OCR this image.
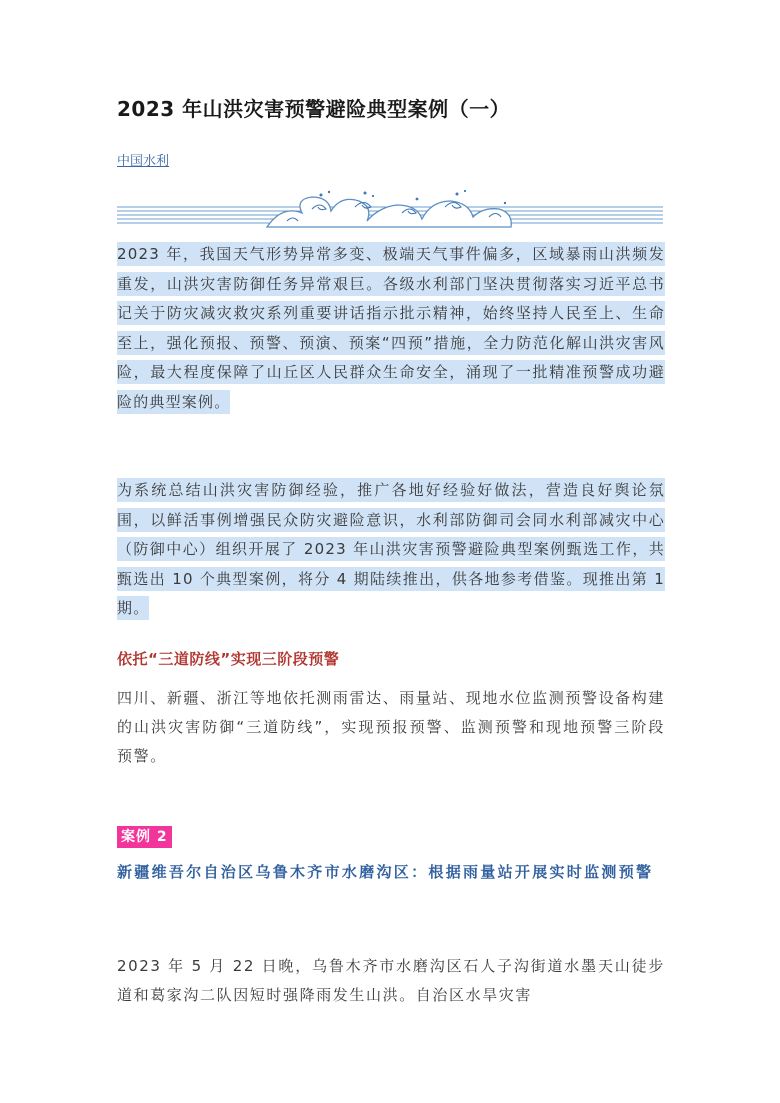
2023 年山洪灾害预警避险典型案例（一）
中国水利
2023 年，我国天气形势异常多变、极端天气事件偏多，区域暴雨山洪频发重发，山洪灾害防御任务异常艰巨。各级水利部门坚决贯彻落实习近平总书记关于防灾减灾救灾系列重要讲话指示批示精神，始终坚持人民至上、生命至上，强化预报、预警、预演、预案“四预”措施，全力防范化解山洪灾害风险，最大程度保障了山丘区人民群众生命安全，涌现了一批精准预警成功避险的典型案例。
为系统总结山洪灾害防御经验，推广各地好经验好做法，营造良好舆论氛围，以鲜活事例增强民众防灾避险意识，水利部防御司会同水利部减灾中心（防御中心）组织开展了 2023 年山洪灾害预警避险典型案例甄选工作，共甄选出 10 个典型案例，将分 4 期陆续推出，供各地参考借鉴。现推出第 1 期。
依托“三道防线”实现三阶段预警
四川、新疆、浙江等地依托测雨雷达、雨量站、现地水位监测预警设备构建的山洪灾害防御“三道防线”，实现预报预警、监测预警和现地预警三阶段预警。
案例 2
新疆维吾尔自治区乌鲁木齐市水磨沟区：根据雨量站开展实时监测预警
2023 年 5 月 22 日晚，乌鲁木齐市水磨沟区石人子沟街道水墨天山徒步道和葛家沟二队因短时强降雨发生山洪。自治区水旱灾害
